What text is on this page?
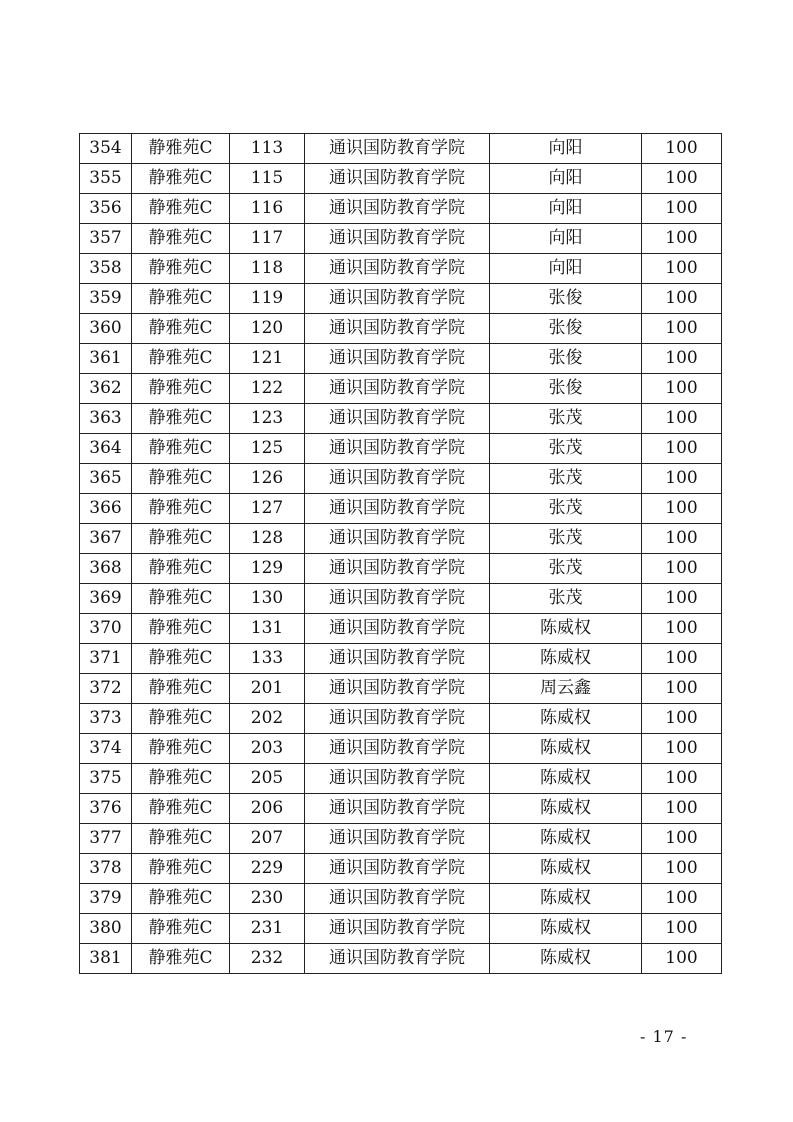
354	静雅苑C	113	通识国防教育学院	向阳	100
355	静雅苑C	115	通识国防教育学院	向阳	100
356	静雅苑C	116	通识国防教育学院	向阳	100
357	静雅苑C	117	通识国防教育学院	向阳	100
358	静雅苑C	118	通识国防教育学院	向阳	100
359	静雅苑C	119	通识国防教育学院	张俊	100
360	静雅苑C	120	通识国防教育学院	张俊	100
361	静雅苑C	121	通识国防教育学院	张俊	100
362	静雅苑C	122	通识国防教育学院	张俊	100
363	静雅苑C	123	通识国防教育学院	张茂	100
364	静雅苑C	125	通识国防教育学院	张茂	100
365	静雅苑C	126	通识国防教育学院	张茂	100
366	静雅苑C	127	通识国防教育学院	张茂	100
367	静雅苑C	128	通识国防教育学院	张茂	100
368	静雅苑C	129	通识国防教育学院	张茂	100
369	静雅苑C	130	通识国防教育学院	张茂	100
370	静雅苑C	131	通识国防教育学院	陈威权	100
371	静雅苑C	133	通识国防教育学院	陈威权	100
372	静雅苑C	201	通识国防教育学院	周云鑫	100
373	静雅苑C	202	通识国防教育学院	陈威权	100
374	静雅苑C	203	通识国防教育学院	陈威权	100
375	静雅苑C	205	通识国防教育学院	陈威权	100
376	静雅苑C	206	通识国防教育学院	陈威权	100
377	静雅苑C	207	通识国防教育学院	陈威权	100
378	静雅苑C	229	通识国防教育学院	陈威权	100
379	静雅苑C	230	通识国防教育学院	陈威权	100
380	静雅苑C	231	通识国防教育学院	陈威权	100
381	静雅苑C	232	通识国防教育学院	陈威权	100
- 17 -
